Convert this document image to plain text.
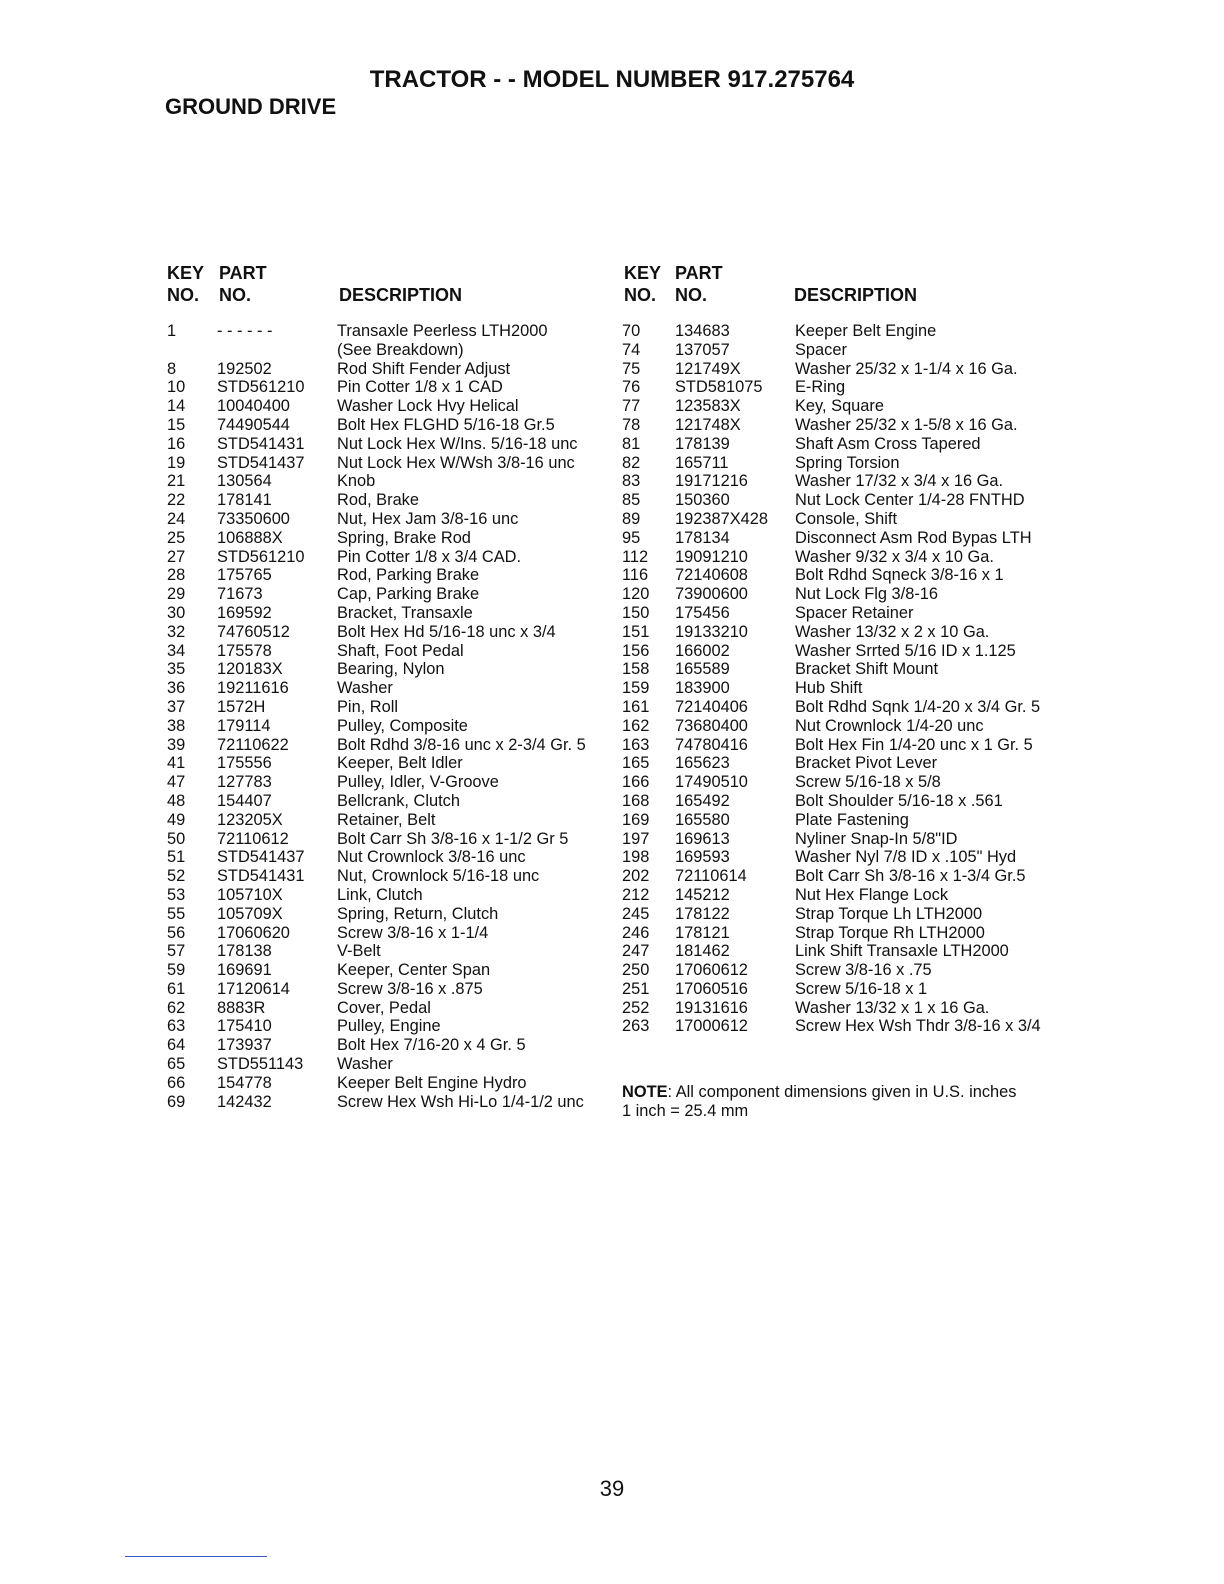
TRACTOR - - MODEL NUMBER 917.275764
GROUND DRIVE
KEY
NO.
PART
NO.	DESCRIPTION
1	- - - - - -	Transaxle Peerless LTH2000
(See Breakdown)
8	192502	Rod Shift Fender Adjust
10	STD561210	Pin Cotter 1/8 x 1 CAD
14	10040400	Washer Lock Hvy Helical
15	74490544	Bolt Hex FLGHD 5/16-18 Gr.5
16	STD541431	Nut Lock Hex W/Ins. 5/16-18 unc
19	STD541437	Nut Lock Hex W/Wsh 3/8-16 unc
21	130564	Knob
22	178141	Rod, Brake
24	73350600	Nut, Hex Jam 3/8-16 unc
25	106888X	Spring, Brake Rod
27	STD561210	Pin Cotter 1/8 x 3/4 CAD.
28	175765	Rod, Parking Brake
29	71673	Cap, Parking Brake
30	169592	Bracket, Transaxle
32	74760512	Bolt Hex Hd 5/16-18 unc x 3/4
34	175578	Shaft, Foot Pedal
35	120183X	Bearing, Nylon
36	19211616	Washer
37	1572H	Pin, Roll
38	179114	Pulley, Composite
39	72110622	Bolt Rdhd 3/8-16 unc x 2-3/4 Gr. 5
41	175556	Keeper, Belt Idler
47	127783	Pulley, Idler, V-Groove
48	154407	Bellcrank, Clutch
49	123205X	Retainer, Belt
50	72110612	Bolt Carr Sh 3/8-16 x 1-1/2 Gr 5
51	STD541437	Nut Crownlock 3/8-16 unc
52	STD541431	Nut, Crownlock 5/16-18 unc
53	105710X	Link, Clutch
55	105709X	Spring, Return, Clutch
56	17060620	Screw 3/8-16 x 1-1/4
57	178138	V-Belt
59	169691	Keeper, Center Span
61	17120614	Screw 3/8-16 x .875
62	8883R	Cover, Pedal
63	175410	Pulley, Engine
64	173937	Bolt Hex 7/16-20 x 4 Gr. 5
65	STD551143	Washer
66	154778	Keeper Belt Engine Hydro
69	142432	Screw Hex Wsh Hi-Lo 1/4-1/2 unc
KEY
NO.
PART
NO.	DESCRIPTION
70	134683	Keeper Belt Engine
74	137057	Spacer
75	121749X	Washer 25/32 x 1-1/4 x 16 Ga.
76	STD581075	E-Ring
77	123583X	Key, Square
78	121748X	Washer 25/32 x 1-5/8 x 16 Ga.
81	178139	Shaft Asm Cross Tapered
82	165711	Spring Torsion
83	19171216	Washer 17/32 x 3/4 x 16 Ga.
85	150360	Nut Lock Center 1/4-28 FNTHD
89	192387X428	Console, Shift
95	178134	Disconnect Asm Rod Bypas LTH
112	19091210	Washer 9/32 x 3/4 x 10 Ga.
116	72140608	Bolt Rdhd Sqneck 3/8-16 x 1
120	73900600	Nut Lock Flg 3/8-16
150	175456	Spacer Retainer
151	19133210	Washer 13/32 x 2 x 10 Ga.
156	166002	Washer Srrted 5/16 ID x 1.125
158	165589	Bracket Shift Mount
159	183900	Hub Shift
161	72140406	Bolt Rdhd Sqnk 1/4-20 x 3/4 Gr. 5
162	73680400	Nut Crownlock 1/4-20 unc
163	74780416	Bolt Hex Fin 1/4-20 unc x 1 Gr. 5
165	165623	Bracket Pivot Lever
166	17490510	Screw 5/16-18 x 5/8
168	165492	Bolt Shoulder 5/16-18 x .561
169	165580	Plate Fastening
197	169613	Nyliner Snap-In 5/8"ID
198	169593	Washer Nyl 7/8 ID x .105" Hyd
202	72110614	Bolt Carr Sh 3/8-16 x 1-3/4 Gr.5
212	145212	Nut Hex Flange Lock
245	178122	Strap Torque Lh LTH2000
246	178121	Strap Torque Rh LTH2000
247	181462	Link Shift Transaxle LTH2000
250	17060612	Screw 3/8-16 x .75
251	17060516	Screw 5/16-18 x 1
252	19131616	Washer 13/32 x 1 x 16 Ga.
263	17000612	Screw Hex Wsh Thdr 3/8-16 x 3/4
NOTE: All component dimensions given in U.S. inches
1 inch = 25.4 mm
39
